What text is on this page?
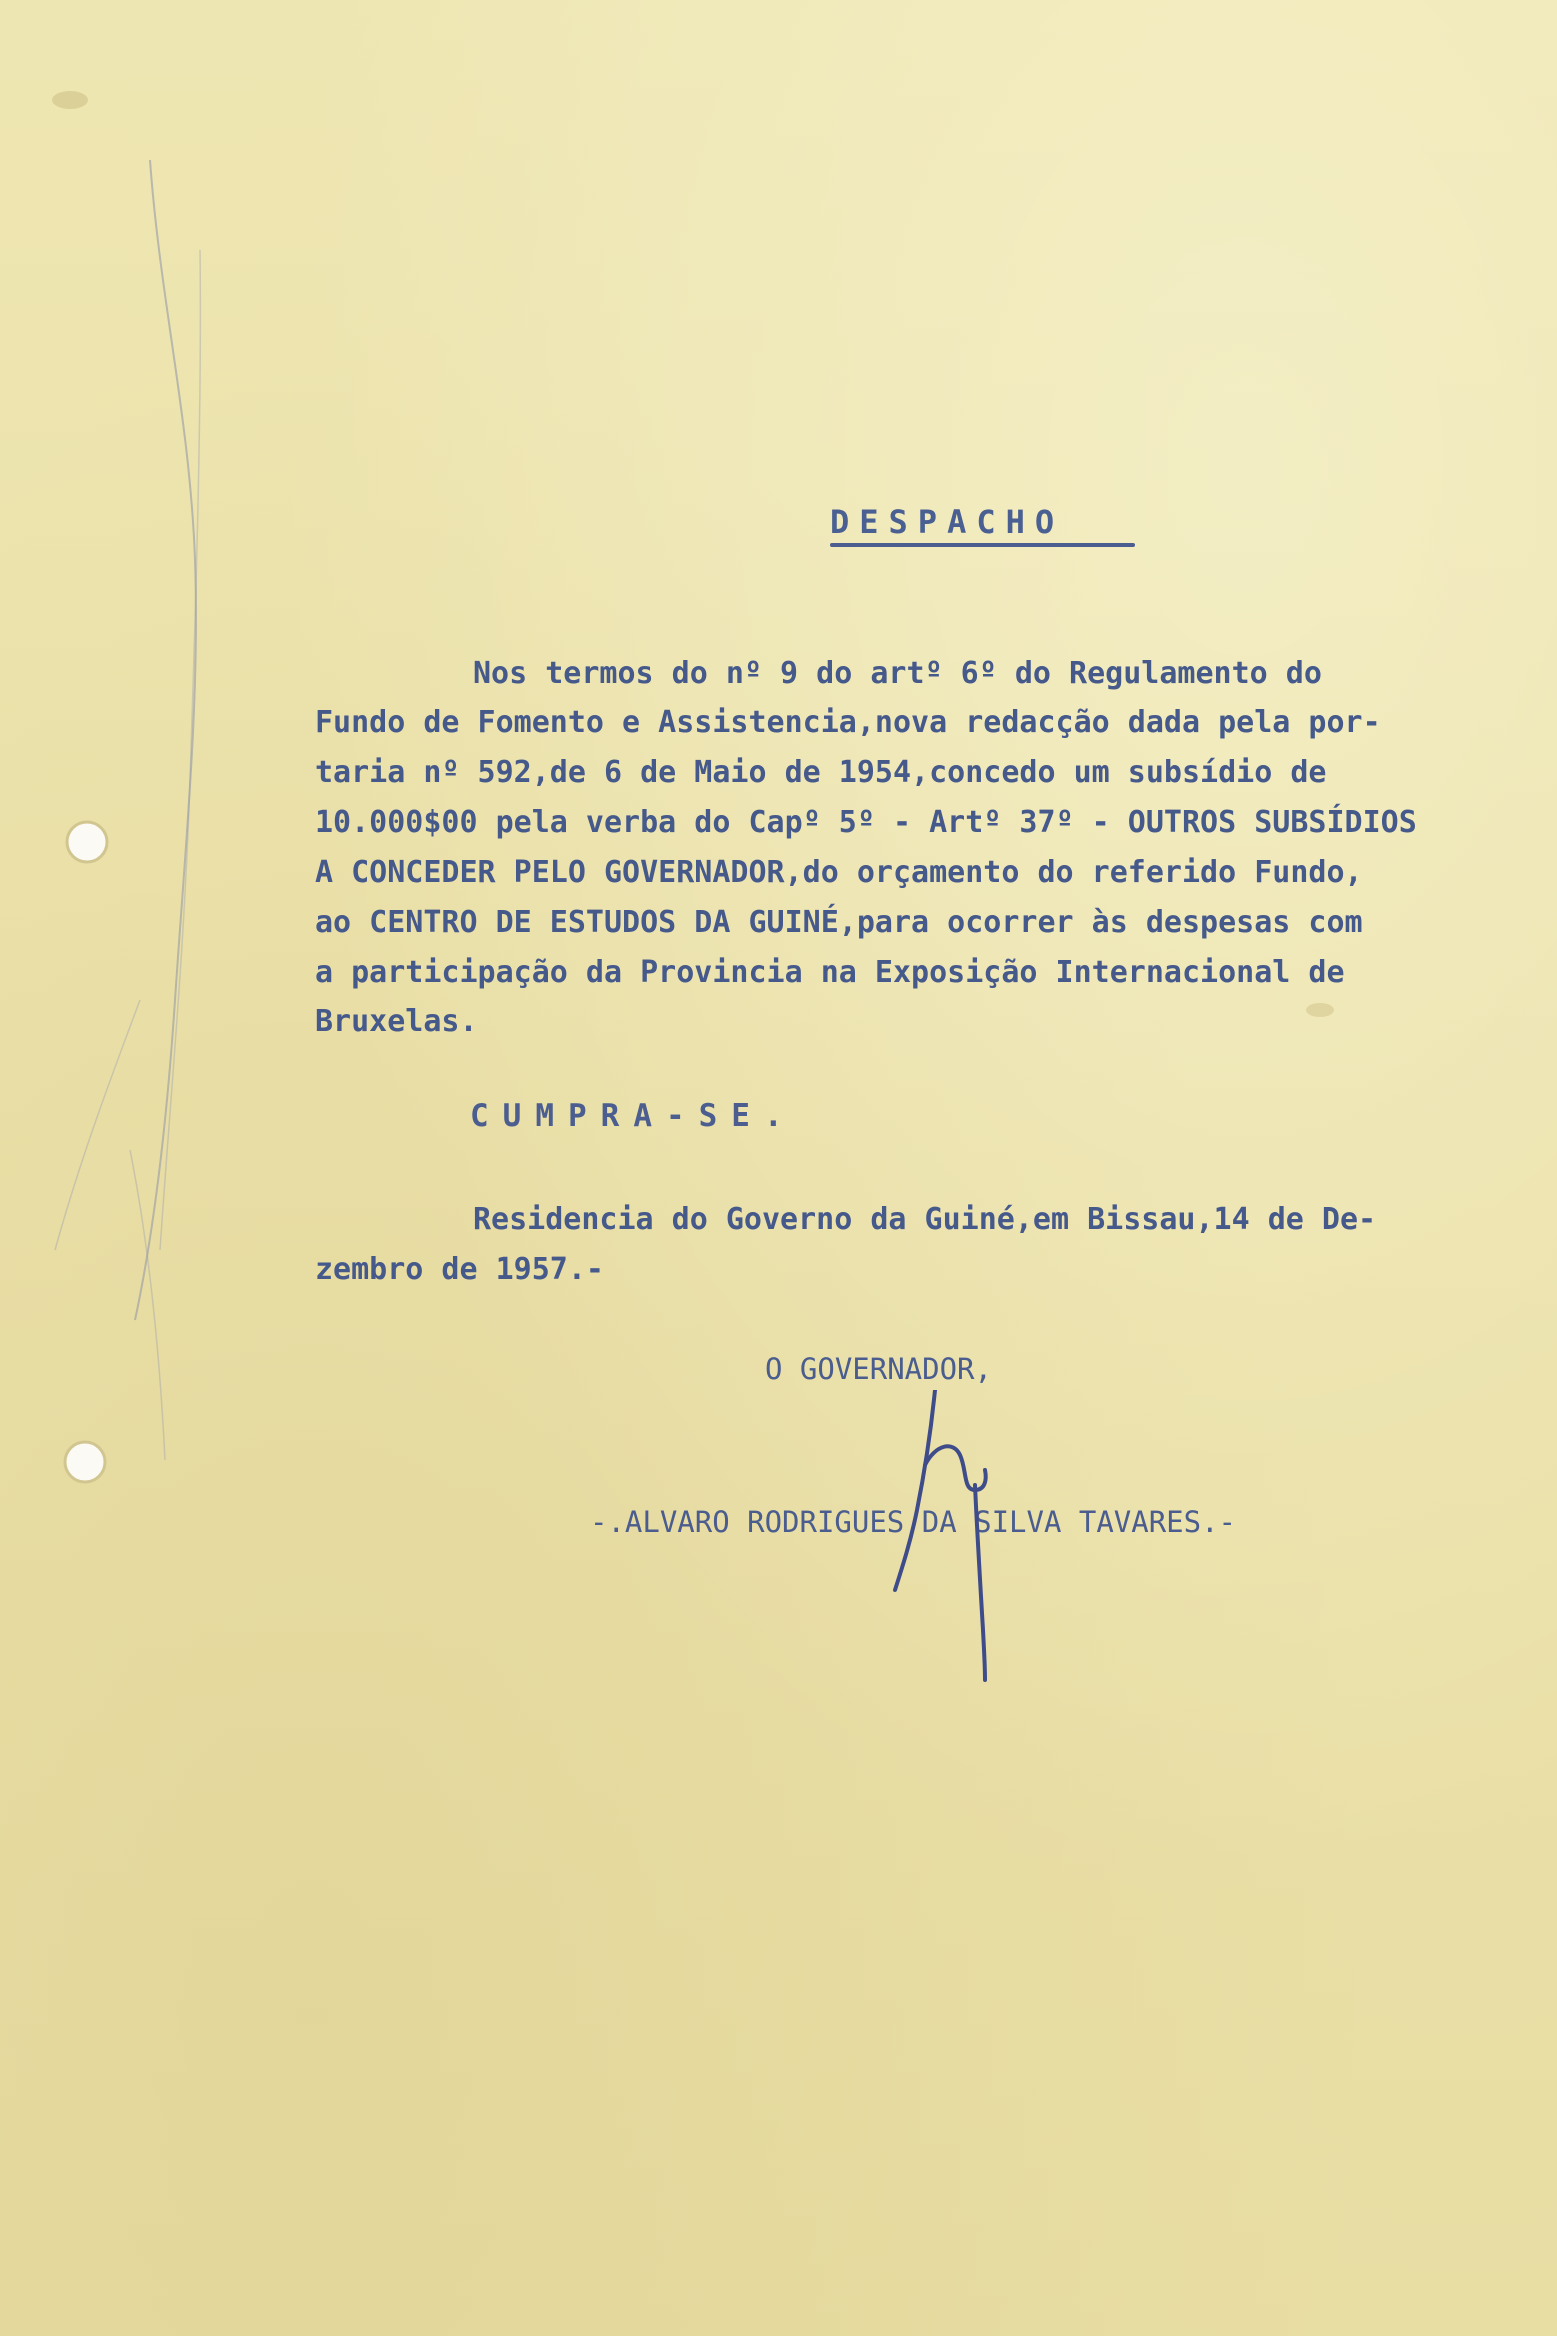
DESPACHO
Nos termos do nº 9 do artº 6º do Regulamento do
Fundo de Fomento e Assistencia,nova redacção dada pela por-
taria nº 592,de 6 de Maio de 1954,concedo um subsídio de
10.000$00 pela verba do Capº 5º - Artº 37º - OUTROS SUBSÍDIOS
A CONCEDER PELO GOVERNADOR,do orçamento do referido Fundo,
ao CENTRO DE ESTUDOS DA GUINÉ,para ocorrer às despesas com
a participação da Provincia na Exposição Internacional de
Bruxelas.
CUMPRA-SE.
Residencia do Governo da Guiné,em Bissau,14 de De-
zembro de 1957.-
O GOVERNADOR,
-.ALVARO RODRIGUES DA SILVA TAVARES.-
